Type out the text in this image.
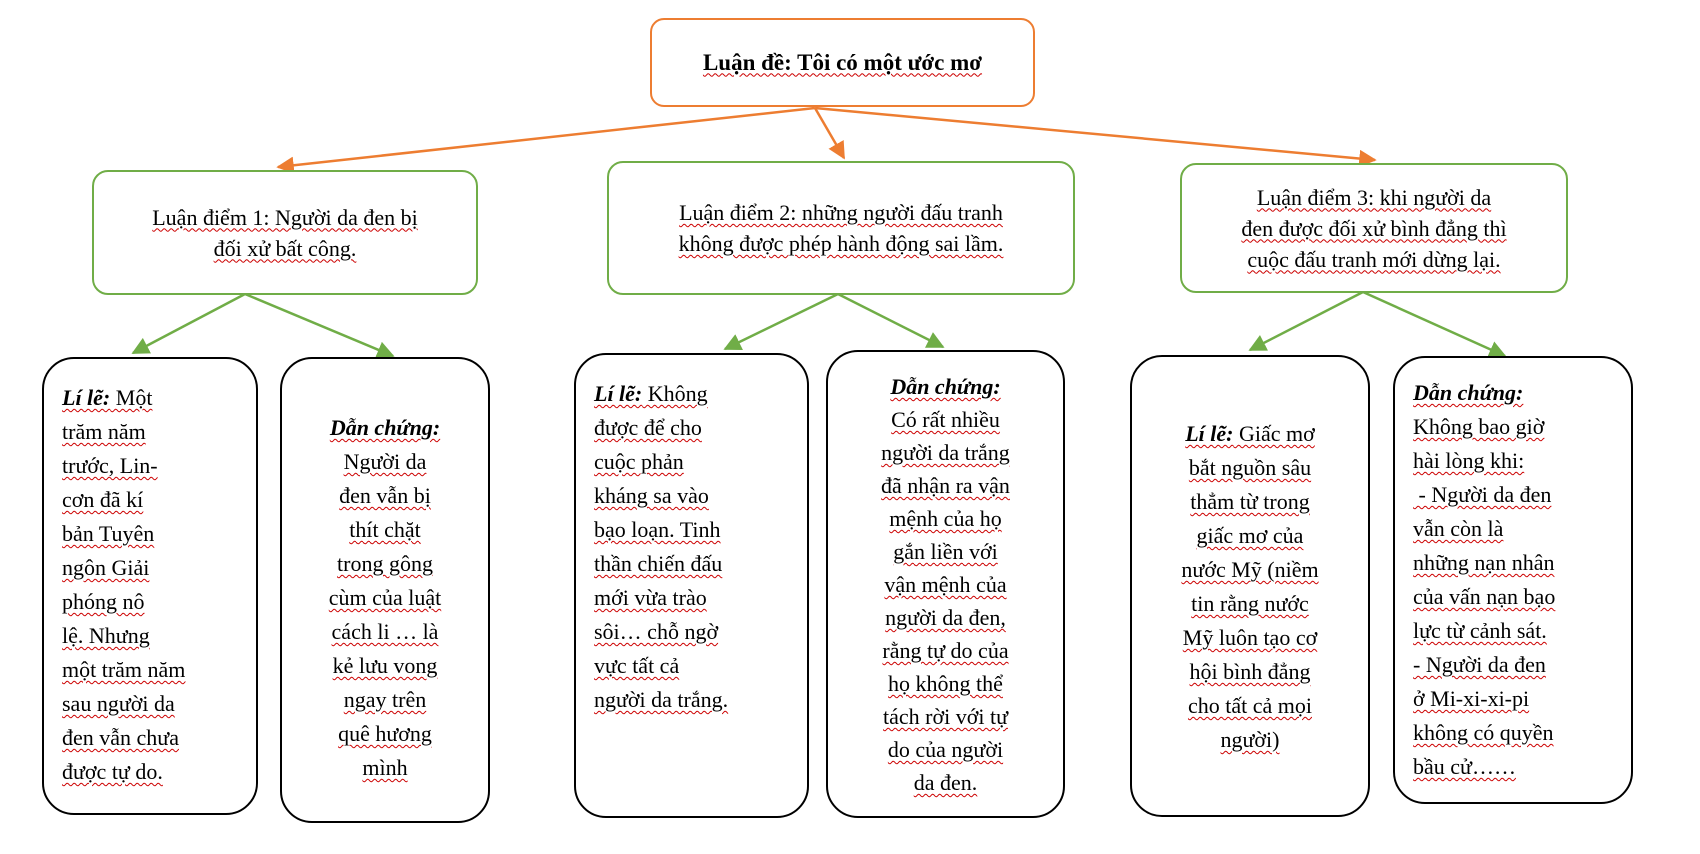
Luận đề: Tôi có một ước mơ
Luận điểm 1: Người da đen bị
đối xử bất công.
Luận điểm 2: những người đấu tranh
không được phép hành động sai lầm.
Luận điểm 3: khi người da
đen được đối xử bình đẳng thì
cuộc đấu tranh mới dừng lại.
Lí lẽ: Một
trăm năm
trước, Lin-
cơn đã kí
bản Tuyên
ngôn Giải
phóng nô
lệ. Nhưng
một trăm năm
sau người da
đen vẫn chưa
được tự do.
Dẫn chứng:
Người da
đen vẫn bị
thít chặt
trong gông
cùm của luật
cách li … là
kẻ lưu vong
ngay trên
quê hương
mình
Lí lẽ: Không
được để cho
cuộc phản
kháng sa vào
bạo loạn. Tinh
thần chiến đấu
mới vừa trào
sôi… chỗ ngờ
vực tất cả
người da trắng.
Dẫn chứng:
Có rất nhiều
người da trắng
đã nhận ra vận
mệnh của họ
gắn liền với
vận mệnh của
người da đen,
rằng tự do của
họ không thể
tách rời với tự
do của người
da đen.
Lí lẽ: Giấc mơ
bắt nguồn sâu
thẳm từ trong
giấc mơ của
nước Mỹ (niềm
tin rằng nước
Mỹ luôn tạo cơ
hội bình đẳng
cho tất cả mọi
người)
Dẫn chứng:
Không bao giờ
hài lòng khi:
- Người da đen
vẫn còn là
những nạn nhân
của vấn nạn bạo
lực từ cảnh sát.
- Người da đen
ở Mi-xi-xi-pi
không có quyền
bầu cử……
